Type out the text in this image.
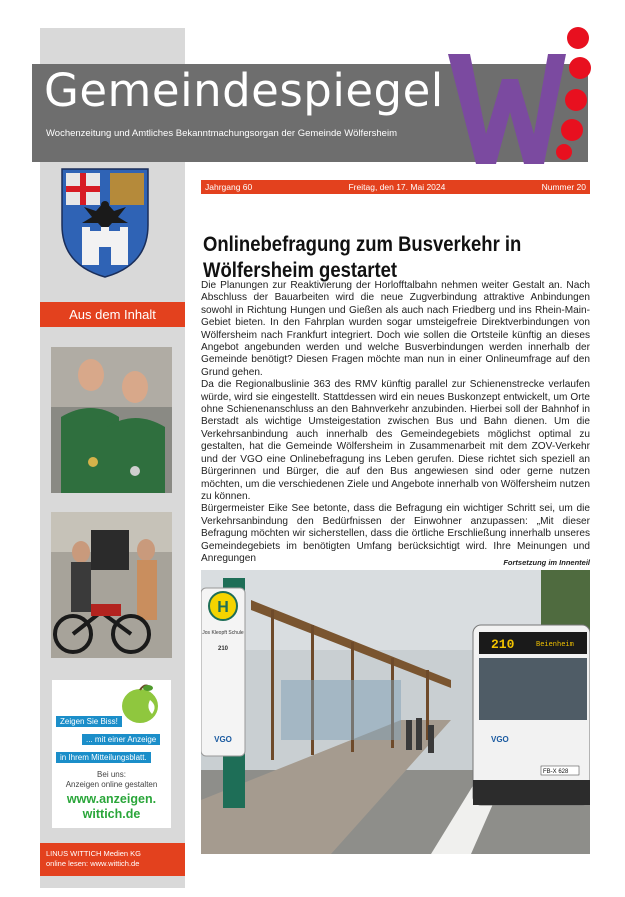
Gemeindespiegel
Wochenzeitung und Amtliches Bekanntmachungsorgan der Gemeinde Wölfersheim
Jahrgang 60	Freitag, den 17. Mai 2024	Nummer 20
Onlinebefragung zum Busverkehr in Wölfersheim gestartet

Die Planungen zur Reaktivierung der Horlofftalbahn nehmen weiter Gestalt an. Nach Abschluss der Bauarbeiten wird die neue Zugverbindung attraktive Anbindungen sowohl in Richtung Hungen und Gießen als auch nach Friedberg und ins Rhein-Main-Gebiet bieten. In den Fahrplan wurden sogar umsteigefreie Direktverbindungen von Wölfersheim nach Frankfurt integriert. Doch wie sollen die Ortsteile künftig an dieses Angebot angebunden werden und welche Busverbindungen werden innerhalb der Gemeinde benötigt? Diesen Fragen möchte man nun in einer Onlineumfrage auf den Grund gehen.

Da die Regionalbuslinie 363 des RMV künftig parallel zur Schienenstrecke verlaufen würde, wird sie eingestellt. Stattdessen wird ein neues Buskonzept entwickelt, um Orte ohne Schienenanschluss an den Bahnverkehr anzubinden. Hierbei soll der Bahnhof in Berstadt als wichtige Umsteigestation zwischen Bus und Bahn dienen. Um die Verkehrsanbindung auch innerhalb des Gemeindegebiets möglichst optimal zu gestalten, hat die Gemeinde Wölfersheim in Zusammenarbeit mit dem ZOV-Verkehr und der VGO eine Onlinebefragung ins Leben gerufen. Diese richtet sich speziell an Bürgerinnen und Bürger, die auf den Bus angewiesen sind oder gerne nutzen möchten, um die verschiedenen Ziele und Angebote innerhalb von Wölfersheim nutzen zu können.

Bürgermeister Eike See betonte, dass die Befragung ein wichtiger Schritt sei, um die Verkehrsanbindung den Bedürfnissen der Einwohner anzupassen: „Mit dieser Befragung möchten wir sicherstellen, dass die örtliche Erschließung innerhalb unseres Gemeindegebiets im benötigten Umfang berücksichtigt wird. Ihre Meinungen und Anregungen	Fortsetzung im Innenteil
H
Jos Kleopft Schule
210
VGO
210	Beienheim
VGO
FB-X 628
Aus dem Inhalt
Zeigen Sie Biss!
... mit einer Anzeige
in Ihrem Mitteilungsblatt.
Bei uns:
Anzeigen online gestalten
www.anzeigen.
wittich.de
LINUS WITTICH Medien KG
online lesen: www.wittich.de
